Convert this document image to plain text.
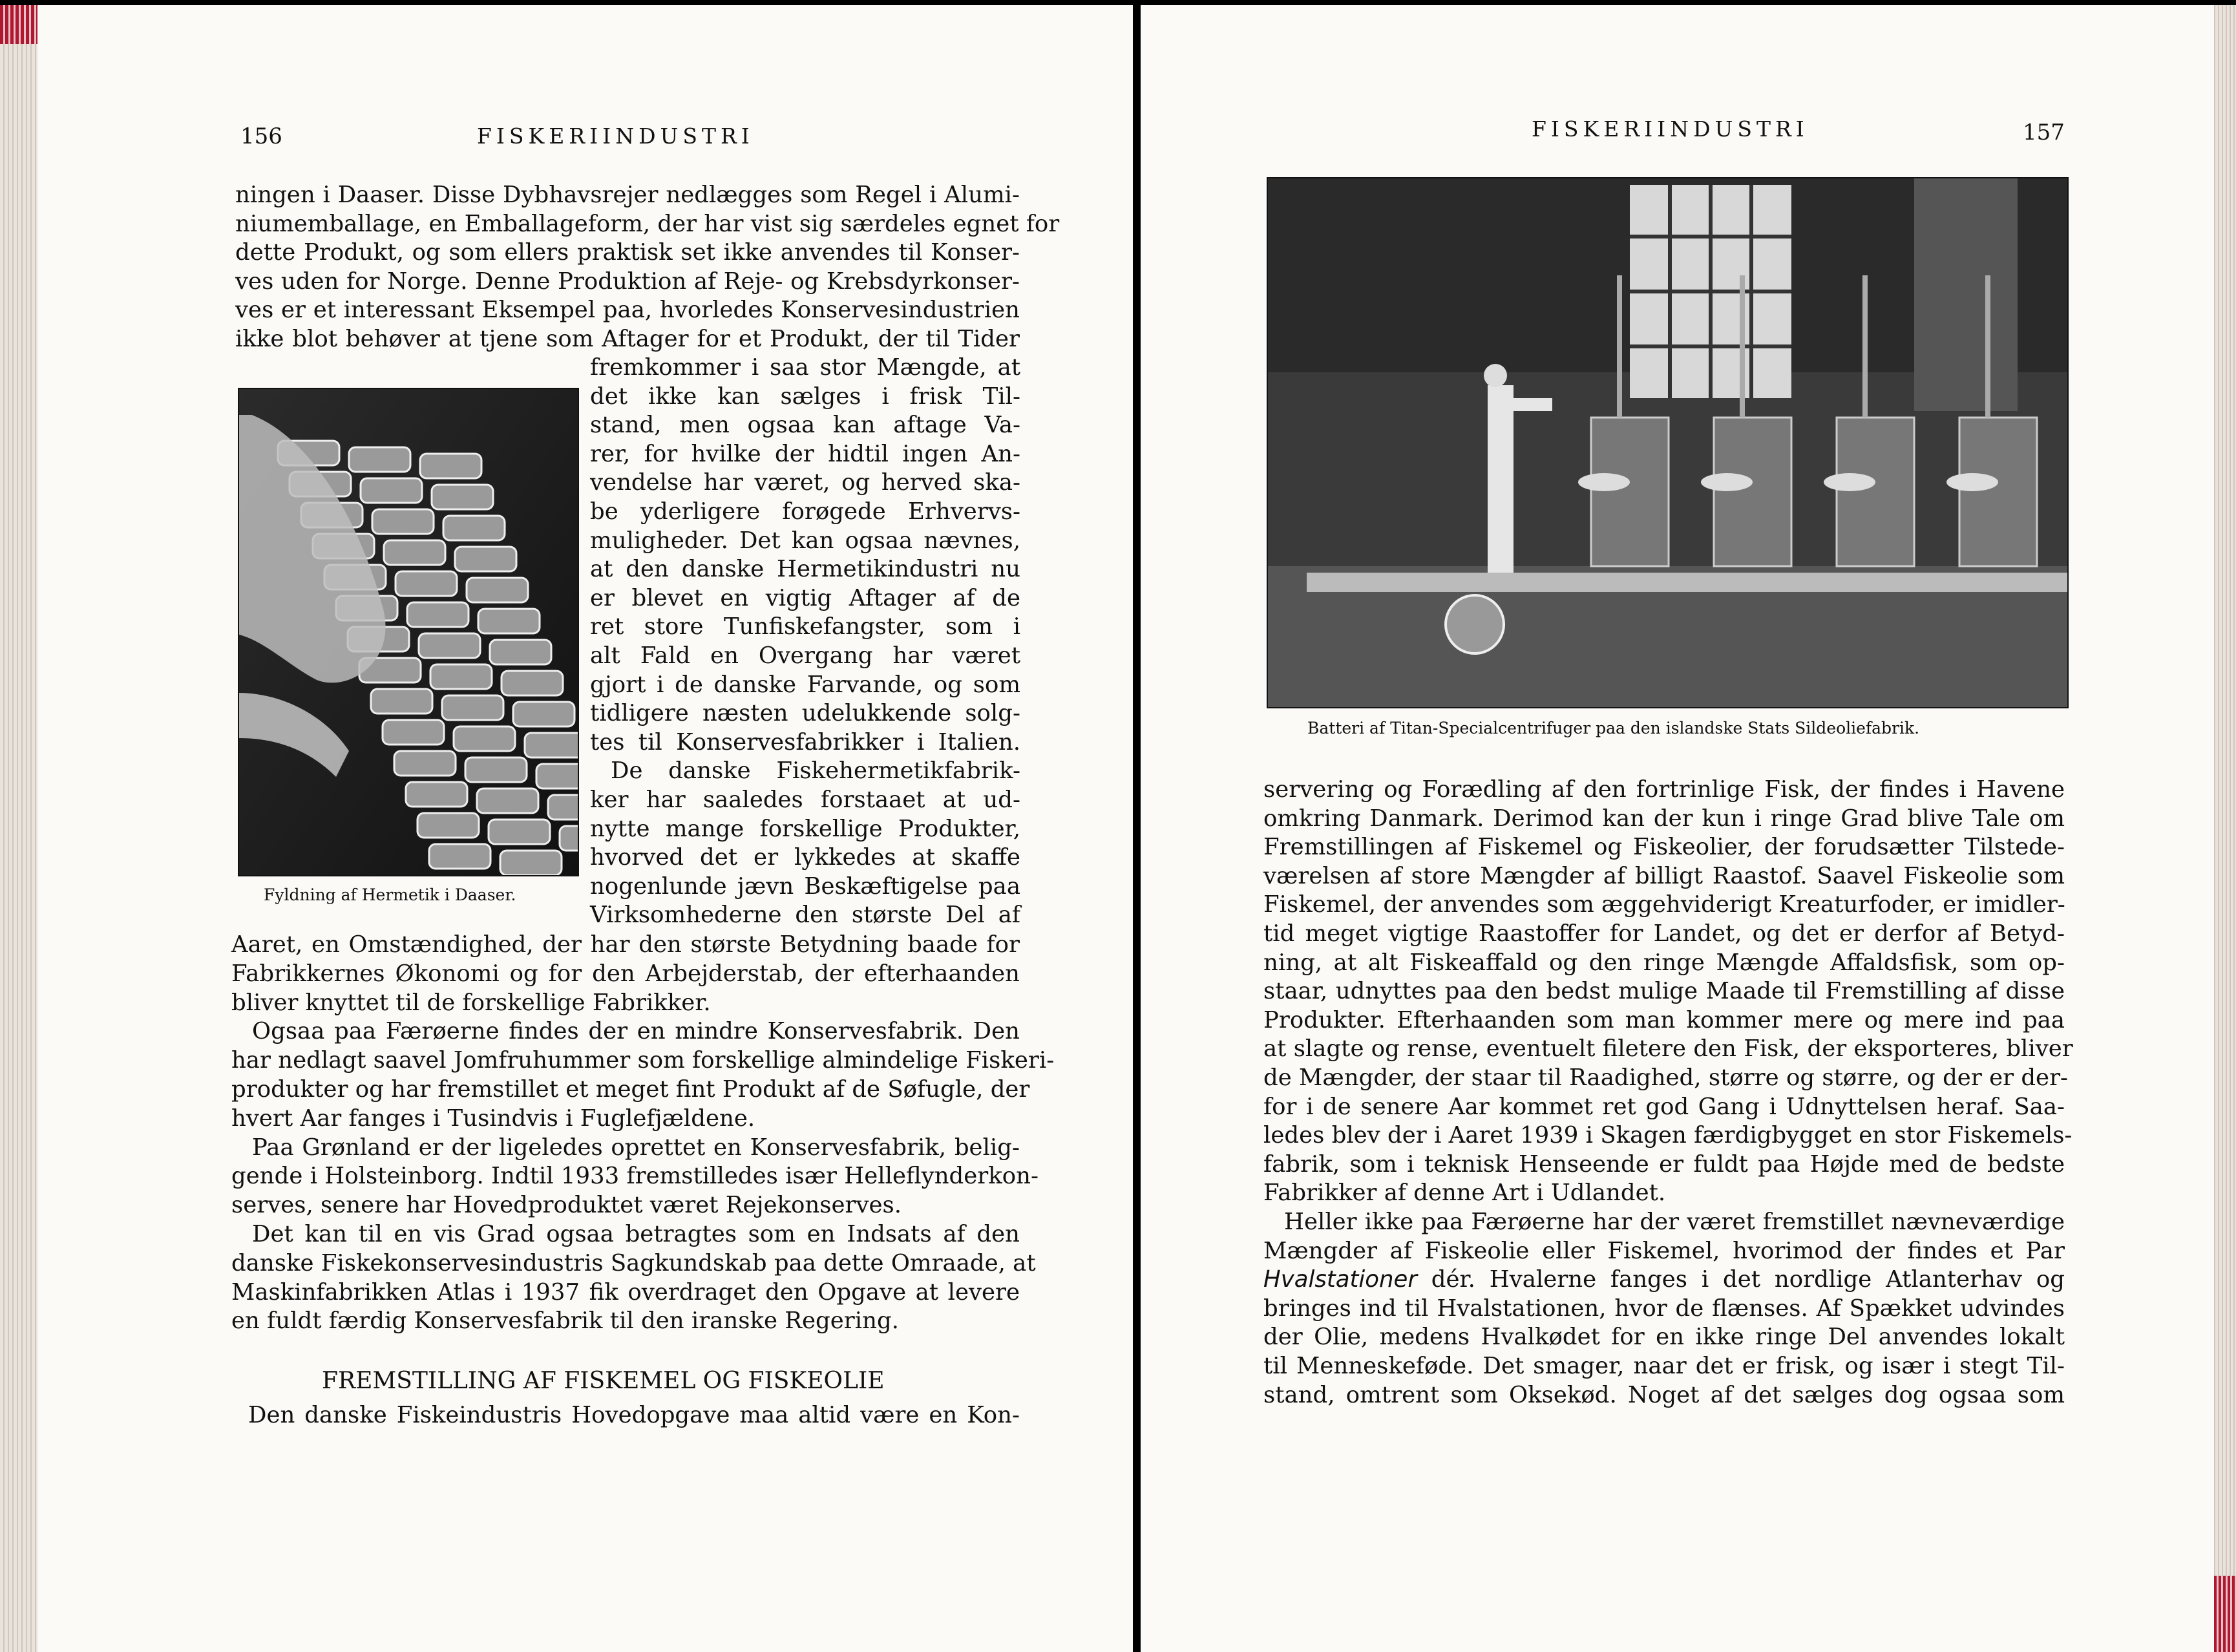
156	FISKERIINDUSTRI
ningen i Daaser. Disse Dybhavsrejer nedlægges som Regel i Alumi-
niumemballage, en Emballageform, der har vist sig særdeles egnet for
dette Produkt, og som ellers praktisk set ikke anvendes til Konser-
ves uden for Norge. Denne Produktion af Reje- og Krebsdyrkonser-
ves er et interessant Eksempel paa, hvorledes Konservesindustrien
ikke blot behøver at tjene som Aftager for et Produkt, der til Tider
Fyldning af Hermetik i Daaser.
fremkommer i saa stor Mængde, at
det ikke kan sælges i frisk Til-
stand, men ogsaa kan aftage Va-
rer, for hvilke der hidtil ingen An-
vendelse har været, og herved ska-
be yderligere forøgede Erhvervs-
muligheder. Det kan ogsaa nævnes,
at den danske Hermetikindustri nu
er blevet en vigtig Aftager af de
ret store Tunfiskefangster, som i
alt Fald en Overgang har været
gjort i de danske Farvande, og som
tidligere næsten udelukkende solg-
tes til Konservesfabrikker i Italien.
De danske Fiskehermetikfabrik-
ker har saaledes forstaaet at ud-
nytte mange forskellige Produkter,
hvorved det er lykkedes at skaffe
nogenlunde jævn Beskæftigelse paa
Virksomhederne den største Del af
Aaret, en Omstændighed, der har den største Betydning baade for
Fabrikkernes Økonomi og for den Arbejderstab, der efterhaanden
bliver knyttet til de forskellige Fabrikker.
Ogsaa paa Færøerne findes der en mindre Konservesfabrik. Den
har nedlagt saavel Jomfruhummer som forskellige almindelige Fiskeri-
produkter og har fremstillet et meget fint Produkt af de Søfugle, der
hvert Aar fanges i Tusindvis i Fuglefjældene.
Paa Grønland er der ligeledes oprettet en Konservesfabrik, belig-
gende i Holsteinborg. Indtil 1933 fremstilledes især Helleflynderkon-
serves, senere har Hovedproduktet været Rejekonserves.
Det kan til en vis Grad ogsaa betragtes som en Indsats af den
danske Fiskekonservesindustris Sagkundskab paa dette Omraade, at
Maskinfabrikken Atlas i 1937 fik overdraget den Opgave at levere
en fuldt færdig Konservesfabrik til den iranske Regering.
FREMSTILLING AF FISKEMEL OG FISKEOLIE
Den danske Fiskeindustris Hovedopgave maa altid være en Kon-
FISKERIINDUSTRI	157
Batteri af Titan-Specialcentrifuger paa den islandske Stats Sildeoliefabrik.
servering og Forædling af den fortrinlige Fisk, der findes i Havene
omkring Danmark. Derimod kan der kun i ringe Grad blive Tale om
Fremstillingen af Fiskemel og Fiskeolier, der forudsætter Tilstede-
værelsen af store Mængder af billigt Raastof. Saavel Fiskeolie som
Fiskemel, der anvendes som æggehviderigt Kreaturfoder, er imidler-
tid meget vigtige Raastoffer for Landet, og det er derfor af Betyd-
ning, at alt Fiskeaffald og den ringe Mængde Affaldsfisk, som op-
staar, udnyttes paa den bedst mulige Maade til Fremstilling af disse
Produkter. Efterhaanden som man kommer mere og mere ind paa
at slagte og rense, eventuelt filetere den Fisk, der eksporteres, bliver
de Mængder, der staar til Raadighed, større og større, og der er der-
for i de senere Aar kommet ret god Gang i Udnyttelsen heraf. Saa-
ledes blev der i Aaret 1939 i Skagen færdigbygget en stor Fiskemels-
fabrik, som i teknisk Henseende er fuldt paa Højde med de bedste
Fabrikker af denne Art i Udlandet.
Heller ikke paa Færøerne har der været fremstillet nævneværdige
Mængder af Fiskeolie eller Fiskemel, hvorimod der findes et Par
Hvalstationer dér. Hvalerne fanges i det nordlige Atlanterhav og
bringes ind til Hvalstationen, hvor de flænses. Af Spækket udvindes
der Olie, medens Hvalkødet for en ikke ringe Del anvendes lokalt
til Menneskeføde. Det smager, naar det er frisk, og især i stegt Til-
stand, omtrent som Oksekød. Noget af det sælges dog ogsaa som
